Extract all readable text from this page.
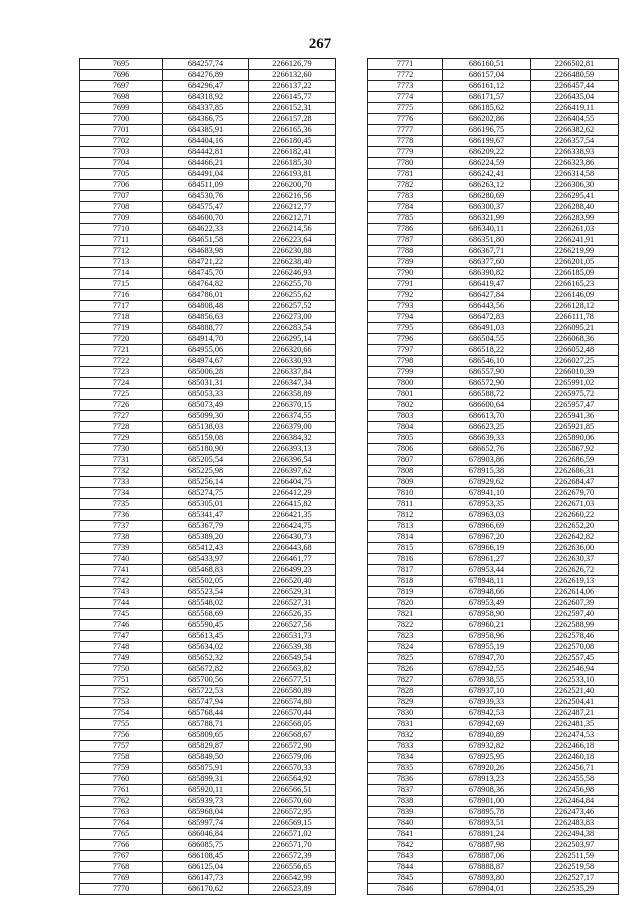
267
7695	684257,74	2266126,79
7696	684276,89	2266132,60
7697	684296,47	2266137,22
7698	684318,92	2266145,77
7699	684337,85	2266152,31
7700	684366,75	2266157,28
7701	684385,91	2266165,36
7702	684404,16	2266180,45
7703	684442,81	2266182,41
7704	684466,21	2266185,30
7705	684491,04	2266193,81
7706	684511,09	2266200,70
7707	684530,76	2266216,56
7708	684575,47	2266212,77
7709	684600,70	2266212,71
7710	684622,33	2266214,56
7711	684651,58	2266223,64
7712	684683,98	2266230,88
7713	684721,22	2266238,40
7714	684745,70	2266246,93
7715	684764,82	2266255,70
7716	684786,01	2266255,62
7717	684808,48	2266257,52
7718	684856,63	2266273,00
7719	684888,77	2266283,54
7720	684914,70	2266295,14
7721	684955,06	2266320,66
7722	684974,67	2266330,93
7723	685006,28	2266337,84
7724	685031,31	2266347,34
7725	685053,33	2266358,89
7726	685073,49	2266370,15
7727	685099,30	2266374,55
7728	685138,03	2266379,00
7729	685159,08	2266384,32
7730	685180,90	2266393,13
7731	685205,54	2266396,54
7732	685225,98	2266397,62
7733	685256,14	2266404,75
7734	685274,75	2266412,29
7735	685305,01	2266415,82
7736	685341,47	2266421,35
7737	685367,79	2266424,75
7738	685389,20	2266430,73
7739	685412,43	2266443,68
7740	685433,97	2266461,77
7741	685468,83	2266499,23
7742	685502,05	2266520,40
7743	685523,54	2266529,31
7744	685548,02	2266527,31
7745	685568,69	2266526,35
7746	685590,45	2266527,56
7747	685613,45	2266531,73
7748	685634,02	2266539,38
7749	685652,32	2266549,54
7750	685672,82	2266563,82
7751	685700,56	2266577,51
7752	685722,53	2266580,89
7753	685747,94	2266574,80
7754	685768,44	2266570,44
7755	685788,71	2266568,05
7756	685809,65	2266568,67
7757	685829,87	2266572,90
7758	685849,50	2266579,06
7759	685875,91	2266570,33
7760	685899,31	2266564,92
7761	685920,11	2266566,51
7762	685939,73	2266570,60
7763	685968,04	2266572,95
7764	685997,74	2266569,15
7765	686046,84	2266571,02
7766	686085,75	2266571,70
7767	686108,45	2266572,39
7768	686125,04	2266556,65
7769	686147,73	2266542,99
7770	686170,62	2266523,89
7771	686160,51	2266502,81
7772	686157,04	2266480,59
7773	686161,12	2266457,44
7774	686171,57	2266435,04
7775	686185,62	2266419,11
7776	686202,86	2266404,55
7777	686196,75	2266382,62
7778	686199,67	2266357,54
7779	686209,22	2266338,93
7780	686224,59	2266323,86
7781	686242,41	2266314,58
7782	686263,12	2266306,30
7783	686280,69	2266295,41
7784	686300,37	2266288,40
7785	686321,99	2266283,99
7786	686340,11	2266261,03
7787	686351,80	2266241,91
7788	686367,71	2266219,99
7789	686377,60	2266201,05
7790	686390,82	2266185,09
7791	686419,47	2266165,23
7792	686427,84	2266146,09
7793	686443,56	2266128,12
7794	686472,83	2266111,78
7795	686491,03	2266095,21
7796	686504,55	2266068,36
7797	686518,22	2266052,48
7798	686546,10	2266027,25
7799	686557,90	2266010,39
7800	686572,90	2265991,02
7801	686588,72	2265975,72
7802	686600,64	2265957,47
7803	686613,70	2265941,36
7804	686623,25	2265921,85
7805	686639,33	2265890,06
7806	686652,76	2265867,92
7807	678903,86	2262686,59
7808	678915,38	2262686,31
7809	678929,62	2262684,47
7810	678941,10	2262679,70
7811	678953,35	2262671,03
7812	678963,03	2262660,22
7813	678966,69	2262652,20
7814	678967,20	2262642,82
7815	678966,19	2262636,00
7816	678961,27	2262630,37
7817	678953,44	2262626,72
7818	678948,11	2262619,13
7819	678948,66	2262614,06
7820	678953,49	2262607,39
7821	678958,90	2262597,40
7822	678960,21	2262588,99
7823	678958,96	2262578,46
7824	678955,19	2262570,08
7825	678947,70	2262557,45
7826	678942,55	2262546,94
7827	678938,55	2262533,10
7828	678937,10	2262521,40
7829	678939,33	2262504,41
7830	678942,53	2262487,21
7831	678942,69	2262481,35
7832	678940,89	2262474,53
7833	678932,82	2262466,18
7834	678925,95	2262460,18
7835	678920,26	2262456,71
7836	678913,23	2262455,58
7837	678908,36	2262456,98
7838	678901,00	2262464,84
7839	678895,78	2262473,46
7840	678893,51	2262483,83
7841	678891,24	2262494,38
7842	678887,98	2262503,97
7843	678887,06	2262511,59
7844	678888,87	2262519,58
7845	678893,80	2262527,17
7846	678904,01	2262535,29
